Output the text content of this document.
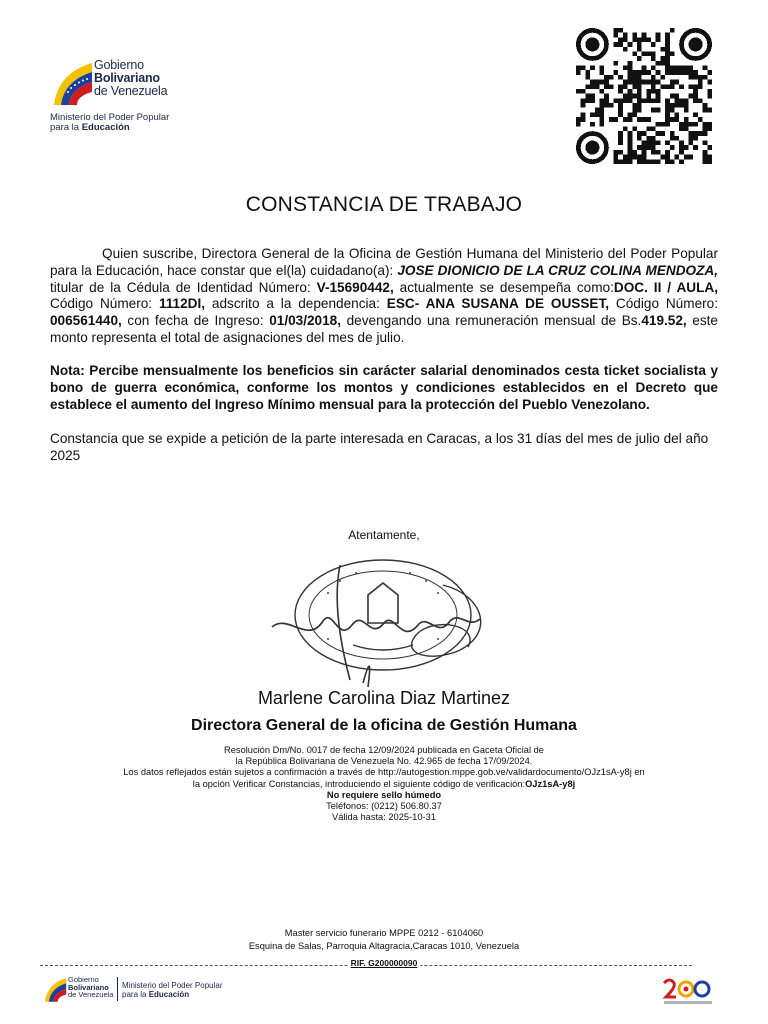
Gobierno
Bolivariano
de Venezuela
Ministerio del Poder Popular
para la Educación
CONSTANCIA DE TRABAJO
Quien suscribe, Directora General de la Oficina de Gestión Humana del Ministerio del Poder Popular para la Educación, hace constar que el(la) cuidadano(a): JOSE DIONICIO DE LA CRUZ COLINA MENDOZA, titular de la Cédula de Identidad Número: V-15690442, actualmente se desempeña como:DOC. II / AULA, Código Número: 1112DI, adscrito a la dependencia: ESC- ANA SUSANA DE OUSSET, Código Número: 006561440, con fecha de Ingreso: 01/03/2018, devengando una remuneración mensual de Bs.419.52, este monto representa el total de asignaciones del mes de julio.
Nota: Percibe mensualmente los beneficios sin carácter salarial denominados cesta ticket socialista y bono de guerra económica, conforme los montos y condiciones establecidos en el Decreto que establece el aumento del Ingreso Mínimo mensual para la protección del Pueblo Venezolano.
Constancia que se expide a petición de la parte interesada en Caracas, a los 31 días del mes de julio del año 2025
Atentamente,
Marlene Carolina Diaz Martinez
Directora General de la oficina de Gestión Humana
Resolución Dm/No. 0017 de fecha 12/09/2024 publicada en Gaceta Oficial de
la República Bolivariana de Venezuela No. 42.965 de fecha 17/09/2024.
Los datos reflejados están sujetos a confirmación a través de http://autogestion.mppe.gob.ve/validardocumento/OJz1sA-y8j en
la opción Verificar Constancias, introduciendo el siguiente código de verificación:OJz1sA-y8j
No requiere sello húmedo
Teléfonos: (0212) 506.80.37
Válida hasta: 2025-10-31
Master servicio funerario MPPE 0212 - 6104060
Esquina de Salas, Parroquia Altagracia,Caracas 1010, Venezuela
RIF. G200000090
Gobierno
Bolivariano
de Venezuela
Ministerio del Poder Popular
para la Educación
